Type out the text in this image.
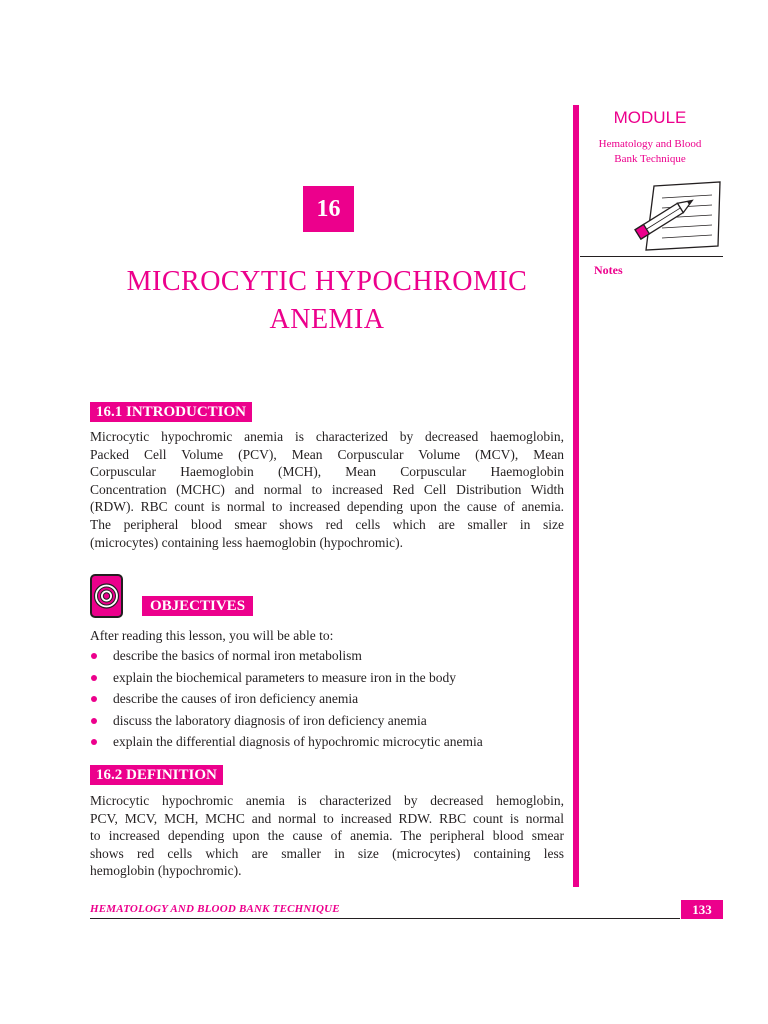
MODULE
Hematology and Blood
Bank Technique
Notes
16
MICROCYTIC HYPOCHROMIC
ANEMIA
16.1 INTRODUCTION
Microcytic hypochromic anemia is characterized by decreased haemoglobin,
Packed Cell Volume (PCV), Mean Corpuscular Volume (MCV), Mean
Corpuscular Haemoglobin (MCH), Mean Corpuscular Haemoglobin
Concentration (MCHC) and normal to increased Red Cell Distribution Width
(RDW). RBC count is normal to increased depending upon the cause of anemia.
The peripheral blood smear shows red cells which are smaller in size
(microcytes) containing less haemoglobin (hypochromic).
OBJECTIVES
After reading this lesson, you will be able to:
describe the basics of normal iron metabolism
explain the biochemical parameters to measure iron in the body
describe the causes of iron deficiency anemia
discuss the laboratory diagnosis of iron deficiency anemia
explain the differential diagnosis of hypochromic microcytic anemia
16.2 DEFINITION
Microcytic hypochromic anemia is characterized by decreased hemoglobin,
PCV, MCV, MCH, MCHC and normal to increased RDW. RBC count is normal
to increased depending upon the cause of anemia. The peripheral blood smear
shows red cells which are smaller in size (microcytes) containing less
hemoglobin (hypochromic).
HEMATOLOGY AND BLOOD BANK TECHNIQUE	133
